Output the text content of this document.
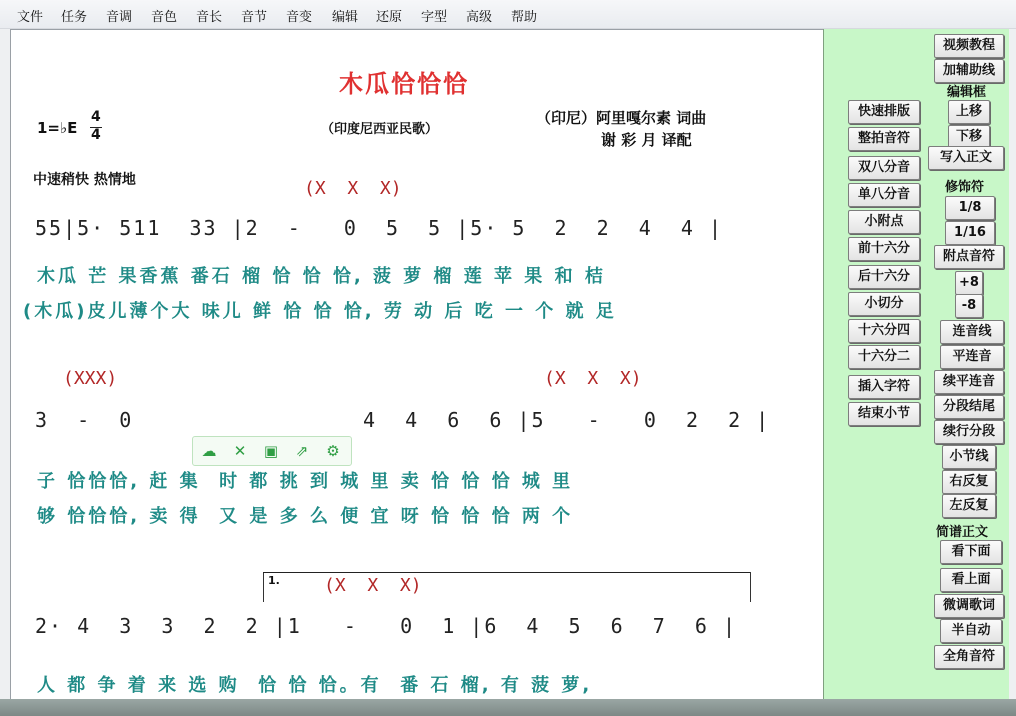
文件 任务 音调 音色 音长 音节 音变 编辑 还原 字型 高级 帮助
木瓜恰恰恰
1=♭E
4
4	（印度尼西亚民歌）
（印尼）阿里嘎尔素 词曲
谢 彩 月 译配
中速稍快 热情地	(X  X  X)
55|5· 511  33 |2  -   0  5  5 |5· 5  2  2  4  4 |
木瓜 芒 果香蕉 番石 榴 恰 恰 恰, 菠 萝 榴 莲 苹 果 和 桔
(木瓜)皮儿薄个大 味儿 鲜 恰 恰 恰, 劳 动 后 吃 一 个 就 足
(XXX)	(X  X  X)
3  -  0	4  4  6  6 |5   -   0  2  2 |
子 恰恰恰, 赶 集  时 都 挑 到 城 里 卖 恰 恰 恰 城 里
够 恰恰恰, 卖 得  又 是 多 么 便 宜 呀 恰 恰 恰 两 个
1. (X  X  X)
2· 4  3  3  2  2 |1   -   0  1 |6  4  5  6  7  6 |
人 都 争 着 来 选 购  恰 恰 恰。有  番 石 榴, 有 菠 萝,
☁ ✕ ▣ ⇗ ⚙
快速排版
整拍音符
双八分音
单八分音
小附点
前十六分
后十六分
小切分
十六分四
十六分二
插入字符
结束小节
视频教程
加辅助线
编辑框
上移
下移
写入正文
修饰符
1/8
1/16
附点音符
+8
-8
连音线
平连音
续平连音
分段结尾
续行分段
小节线
右反复
左反复
简谱正文
看下面
看上面
微调歌词
半自动
全角音符
